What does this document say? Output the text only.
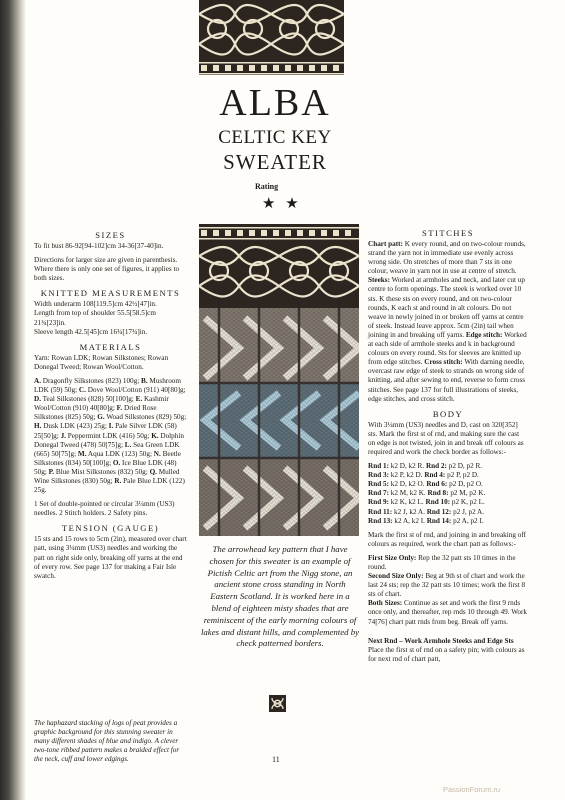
ALBA
CELTIC KEY
SWEATER
Rating
★ ★
SIZES

To fit bust 86-92[94-102]cm 34-36[37-40]in.

Directions for larger size are given in parenthesis. Where there is only one set of figures, it applies to both sizes.

KNITTED MEASUREMENTS
Width underarm 108[119.5]cm 42½[47]in.
Length from top of shoulder 55.5[58.5]cm 21¾[23]in.

Sleeve length 42.5[45]cm 16¾[17¾]in.

MATERIALS

Yarn: Rowan LDK; Rowan Silkstones; Rowan Donegal Tweed; Rowan Wool/Cotton.

A. Dragonfly Silkstones (823) 100g; B. Mushroom LDK (59) 50g; C. Dove Wool/Cotton (911) 40[80]g; D. Teal Silkstones (828) 50[100]g; E. Kashmir Wool/Cotton (910) 40[80]g; F. Dried Rose Silkstones (825) 50g; G. Woad Silkstones (829) 50g; H. Dusk LDK (423) 25g; I. Pale Silver LDK (58) 25[50]g; J. Peppermint LDK (416) 50g; K. Dolphin Donegal Tweed (478) 50[75]g; L. Sea Green LDK (665) 50[75]g; M. Aqua LDK (123) 50g; N. Beetle Silkstones (834) 50[100]g; O. Ice Blue LDK (48) 50g; P. Blue Mist Silkstones (832) 50g; Q. Mulled Wine Silkstones (830) 50g; R. Pale Blue LDK (122) 25g.

1 Set of double-pointed or circular 3¼mm (US3) needles. 2 Stitch holders. 2 Safety pins.

TENSION (GAUGE)

15 sts and 15 rows to 5cm (2in), measured over chart patt, using 3¼mm (US3) needles and working the patt on right side only, breaking off yarns at the end of every row. See page 137 for making a Fair Isle swatch.

The arrowhead key pattern that I have chosen for this sweater is an example of Pictish Celtic art from the Nigg stone, an ancient stone cross standing in North Eastern Scotland. It is worked here in a blend of eighteen misty shades that are reminiscent of the early morning colours of lakes and distant hills, and complemented by check patterned borders.
The haphazard stacking of logs of peat provides a graphic background for this stunning sweater in many different shades of blue and indigo. A clever two-tone ribbed pattern makes a braided effect for the neck, cuff and lower edgings.
STITCHES

Chart patt: K every round, and on two-colour rounds, strand the yarn not in immediate use evenly across wrong side. On stretches of more than 7 sts in one colour, weave in yarn not in use at centre of stretch. Steeks: Worked at armholes and neck, and later cut up centre to form openings. The steek is worked over 10 sts. K these sts on every round, and on two-colour rounds, K each st and round in alt colours. Do not weave in newly joined in or broken off yarns at centre of steek. Instead leave approx. 5cm (2in) tail when joining in and breaking off yarns. Edge stitch: Worked at each side of armhole steeks and k in background colours on every round. Sts for sleeves are knitted up from edge stitches. Cross stitch: With darning needle, overcast raw edge of steek to strands on wrong side of knitting, and after sewing to end, reverse to form cross stitches. See page 137 for full illustrations of steeks, edge stitches, and cross stitch.

BODY

With 3¼mm (US3) needles and D, cast on 320[352] sts. Mark the first st of rnd, and making sure the cast on edge is not twisted, join in and break off colours as required and work the check border as follows:-

Rnd 1: k2 D, k2 R. Rnd 2: p2 D, p2 R.
Rnd 3: k2 P, k2 D. Rnd 4: p2 P, p2 D.
Rnd 5: k2 D, k2 O. Rnd 6: p2 D, p2 O.
Rnd 7: k2 M, k2 K. Rnd 8: p2 M, p2 K.
Rnd 9: k2 K, k2 L. Rnd 10: p2 K, p2 L.
Rnd 11: k2 J, k2 A. Rnd 12: p2 J, p2 A.
Rnd 13: k2 A, k2 I. Rnd 14: p2 A, p2 I.

Mark the first st of rnd, and joining in and breaking off colours as required, work the chart patt as follows:-

First Size Only: Rep the 32 patt sts 10 times in the round.
Second Size Only: Beg at 9th st of chart and work the last 24 sts; rep the 32 patt sts 10 times; work the first 8 sts of chart.
Both Sizes: Continue as set and work the first 9 rnds once only, and thereafter, rep rnds 10 through 49. Work 74[76] chart patt rnds from beg. Break off yarns.

Next Rnd – Work Armhole Steeks and Edge Sts

Place the first st of rnd on a safety pin; with colours as for next rnd of chart patt,

11
PassionForum.ru
